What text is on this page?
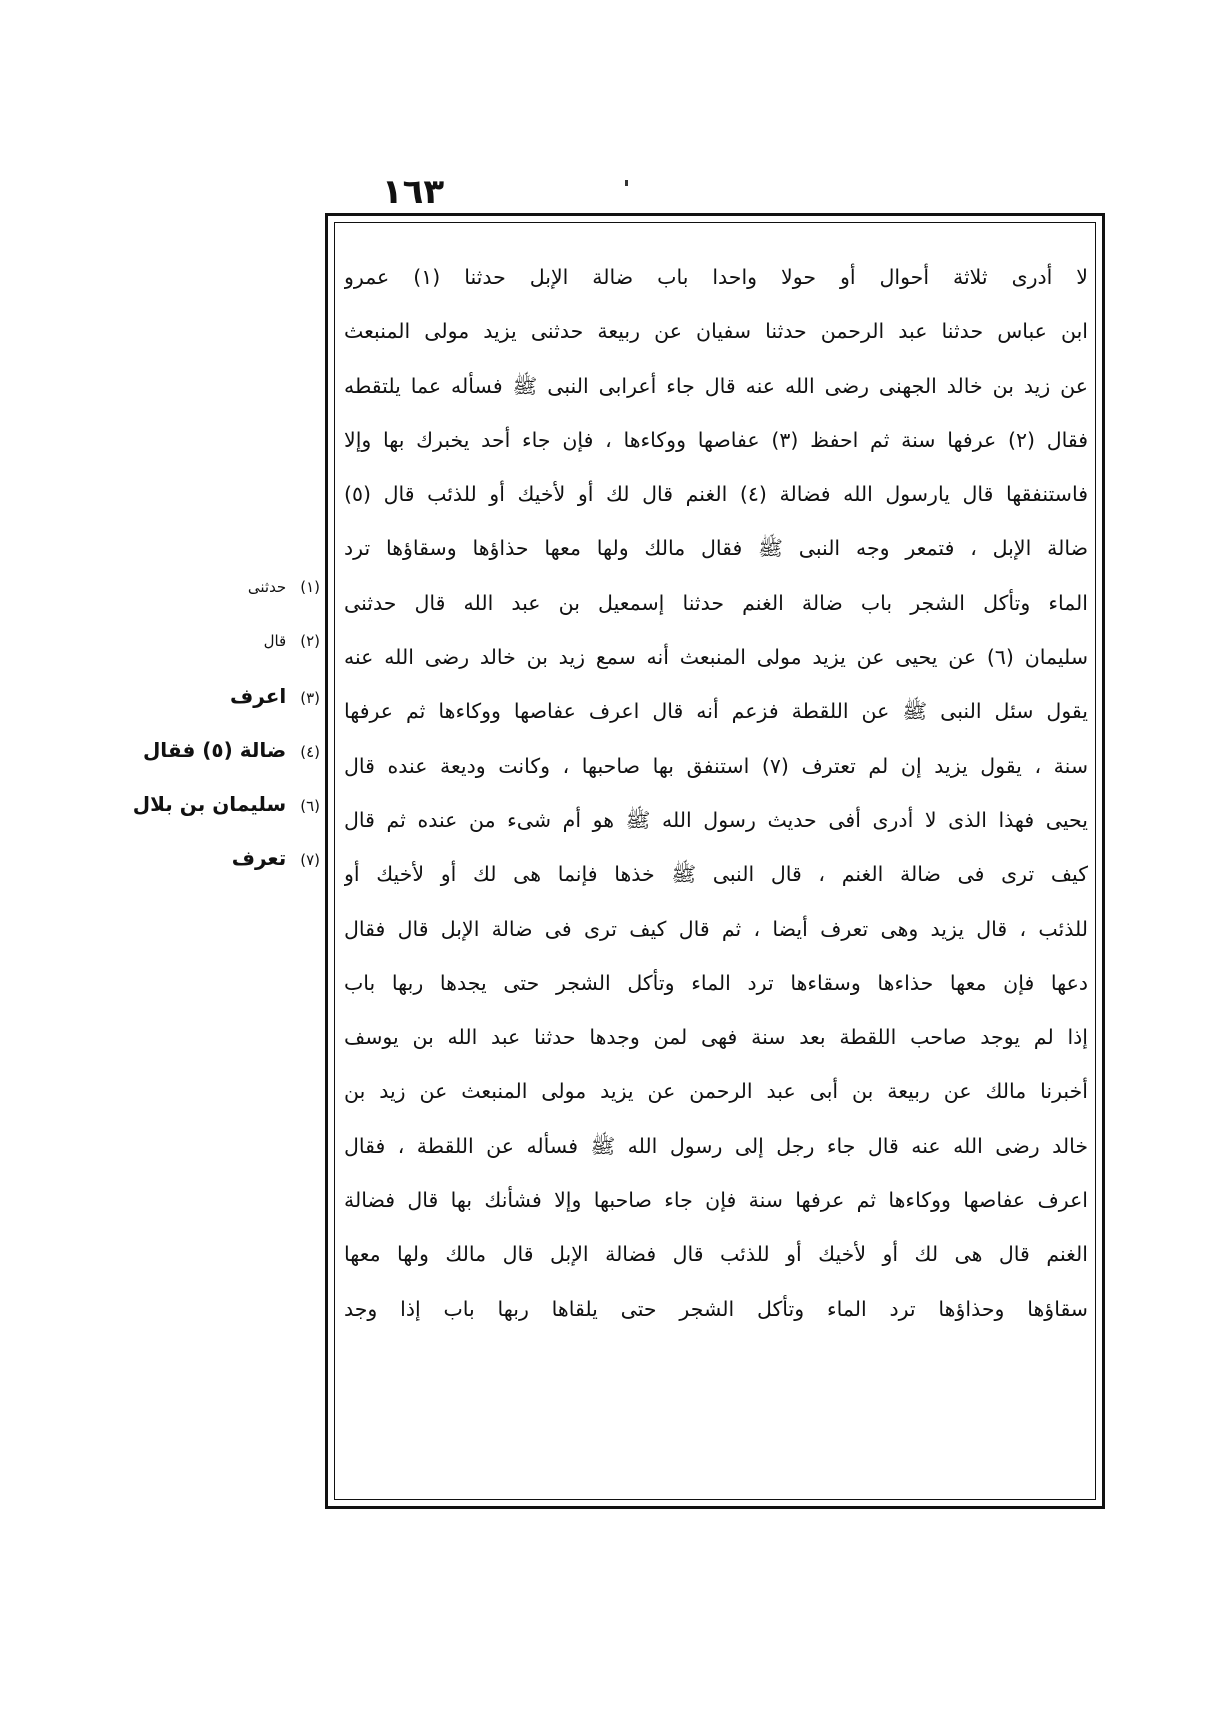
١٦٣
لا أدرى ثلاثة أحوال أو حولا واحدا باب ضالة الإبل حدثنا (١) عمرو
ابن عباس حدثنا عبد الرحمن حدثنا سفيان عن ربيعة حدثنى يزيد مولى المنبعث
عن زيد بن خالد الجهنى رضى الله عنه قال جاء أعرابى النبى ﷺ فسأله عما يلتقطه
فقال (٢) عرفها سنة ثم احفظ (٣) عفاصها ووكاءها ، فإن جاء أحد يخبرك بها وإلا
فاستنفقها قال يارسول الله فضالة (٤) الغنم قال لك أو لأخيك أو للذئب قال (٥)
ضالة الإبل ، فتمعر وجه النبى ﷺ فقال مالك ولها معها حذاؤها وسقاؤها ترد
الماء وتأكل الشجر باب ضالة الغنم حدثنا إسمعيل بن عبد الله قال حدثنى
سليمان (٦) عن يحيى عن يزيد مولى المنبعث أنه سمع زيد بن خالد رضى الله عنه
يقول سئل النبى ﷺ عن اللقطة فزعم أنه قال اعرف عفاصها ووكاءها ثم عرفها
سنة ، يقول يزيد إن لم تعترف (٧) استنفق بها صاحبها ، وكانت وديعة عنده قال
يحيى فهذا الذى لا أدرى أفى حديث رسول الله ﷺ هو أم شىء من عنده ثم قال
كيف ترى فى ضالة الغنم ، قال النبى ﷺ خذها فإنما هى لك أو لأخيك أو
للذئب ، قال يزيد وهى تعرف أيضا ، ثم قال كيف ترى فى ضالة الإبل قال فقال
دعها فإن معها حذاءها وسقاءها ترد الماء وتأكل الشجر حتى يجدها ربها باب
إذا لم يوجد صاحب اللقطة بعد سنة فهى لمن وجدها حدثنا عبد الله بن يوسف
أخبرنا مالك عن ربيعة بن أبى عبد الرحمن عن يزيد مولى المنبعث عن زيد بن
خالد رضى الله عنه قال جاء رجل إلى رسول الله ﷺ فسأله عن اللقطة ، فقال
اعرف عفاصها ووكاءها ثم عرفها سنة فإن جاء صاحبها وإلا فشأنك بها قال فضالة
الغنم قال هى لك أو لأخيك أو للذئب قال فضالة الإبل قال مالك ولها معها
سقاؤها وحذاؤها ترد الماء وتأكل الشجر حتى يلقاها ربها باب إذا وجد
(١)حدثنى
(٢)قال
(٣)اعرف
(٤)ضالة (٥) فقال
(٦)سليمان بن بلال
(٧)تعرف
